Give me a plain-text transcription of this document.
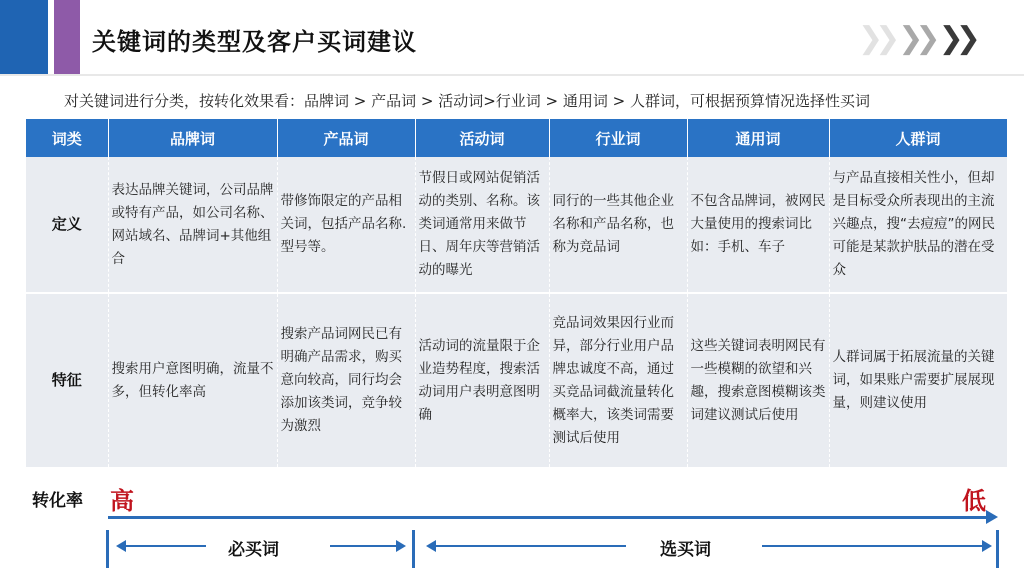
关键词的类型及客户买词建议	❯❯ ❯❯ ❯❯
对关键词进行分类，按转化效果看：品牌词 > 产品词 > 活动词>行业词 > 通用词 > 人群词，可根据预算情况选择性买词
词类	品牌词	产品词	活动词	行业词	通用词	人群词
定义	表达品牌关键词，公司品牌或特有产品，如公司名称、网站域名、品牌词+其他组合	带修饰限定的产品相关词，包括产品名称.型号等。	节假日或网站促销活动的类别、名称。该类词通常用来做节日、周年庆等营销活动的曝光	同行的一些其他企业名称和产品名称，也称为竞品词	不包含品牌词，被网民大量使用的搜索词比如：手机、车子	与产品直接相关性小，但却是目标受众所表现出的主流兴趣点，搜“去痘痘”的网民可能是某款护肤品的潜在受众
特征	搜索用户意图明确，流量不多，但转化率高	搜索产品词网民已有明确产品需求，购买意向较高，同行均会添加该类词，竞争较为激烈	活动词的流量限于企业造势程度，搜索活动词用户表明意图明确	竞品词效果因行业而异，部分行业用户品牌忠诚度不高，通过买竞品词截流量转化概率大，该类词需要测试后使用	这些关键词表明网民有一些模糊的欲望和兴趣，搜索意图模糊该类词建议测试后使用	人群词属于拓展流量的关键词，如果账户需要扩展展现量，则建议使用
转化率 高	低
必买词	选买词
